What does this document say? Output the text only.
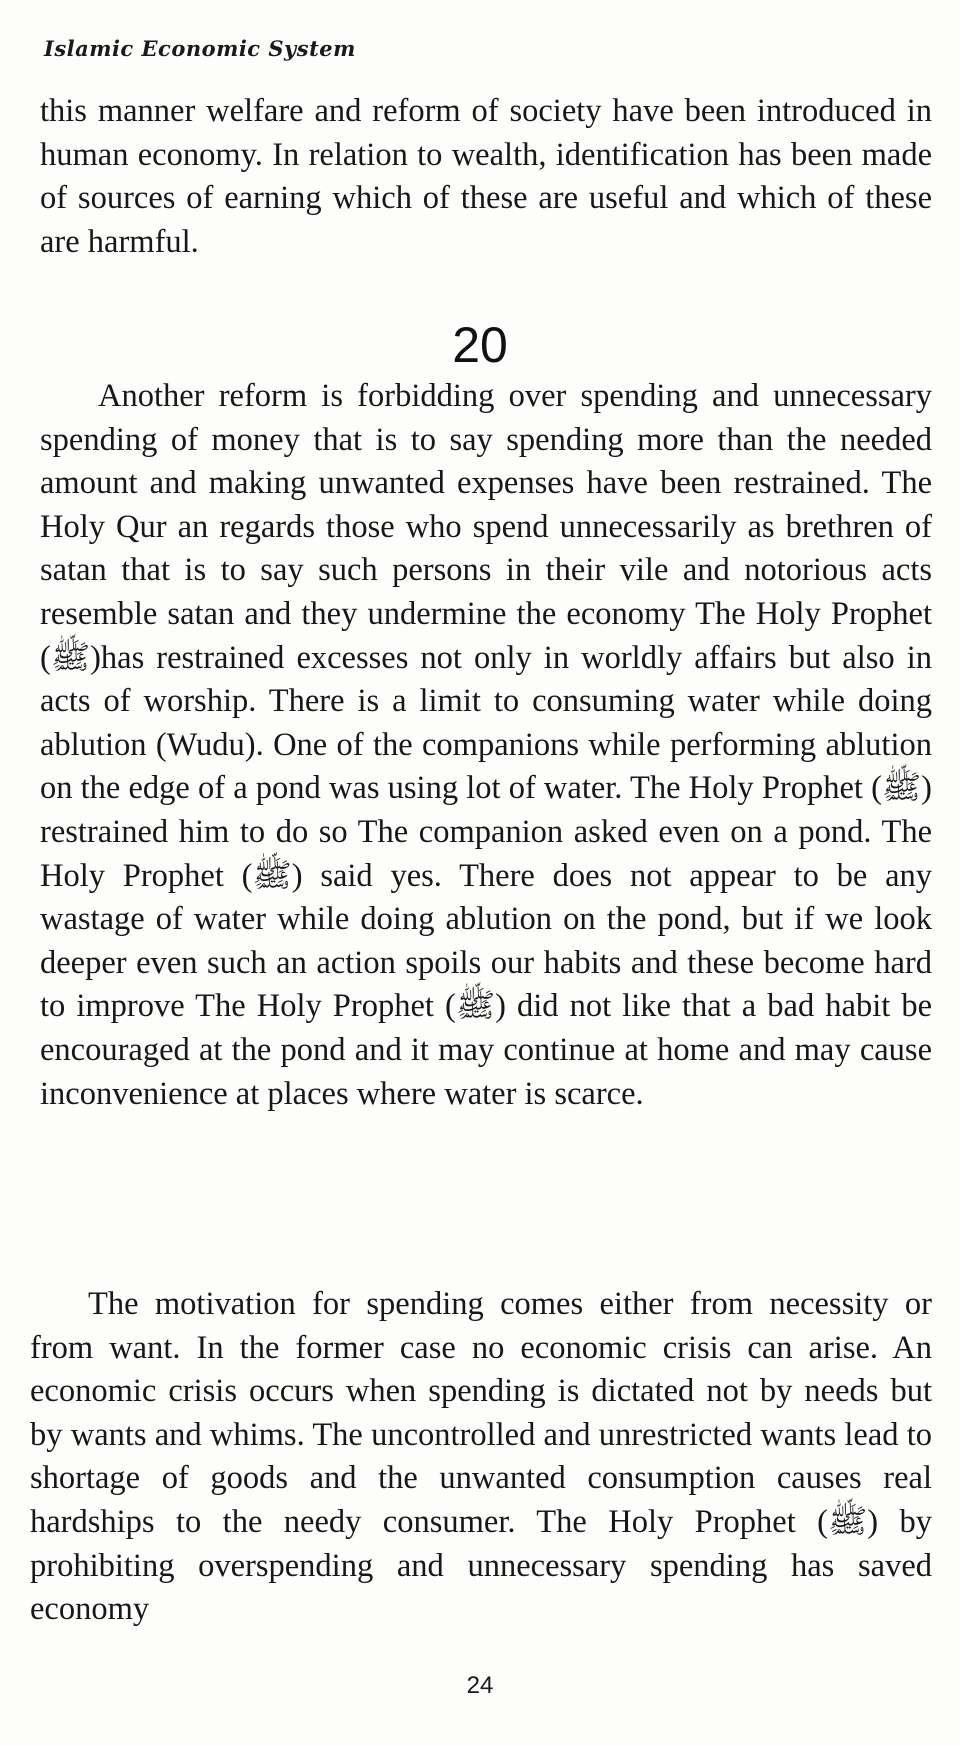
Islamic Economic System

this manner welfare and reform of society have been introduced in human economy. In relation to wealth, identification has been made of sources of earning which of these are useful and which of these are harmful.

20

Another reform is forbidding over spending and unnecessary spending of money that is to say spending more than the needed amount and making unwanted expenses have been restrained. The Holy Qur an regards those who spend unnecessarily as brethren of satan that is to say such persons in their vile and notorious acts resemble satan and they undermine the economy The Holy Prophet (ﷺ)has restrained excesses not only in worldly affairs but also in acts of worship. There is a limit to consuming water while doing ablution (Wudu). One of the companions while performing ablution on the edge of a pond was using lot of water. The Holy Prophet (ﷺ) restrained him to do so The companion asked even on a pond. The Holy Prophet (ﷺ) said yes. There does not appear to be any wastage of water while doing ablution on the pond, but if we look deeper even such an action spoils our habits and these become hard to improve The Holy Prophet (ﷺ) did not like that a bad habit be encouraged at the pond and it may continue at home and may cause inconvenience at places where water is scarce.

The motivation for spending comes either from necessity or from want. In the former case no economic crisis can arise. An economic crisis occurs when spending is dictated not by needs but by wants and whims. The uncontrolled and unrestricted wants lead to shortage of goods and the unwanted consumption causes real hardships to the needy consumer. The Holy Prophet (ﷺ) by prohibiting overspending and unnecessary spending has saved economy

24
